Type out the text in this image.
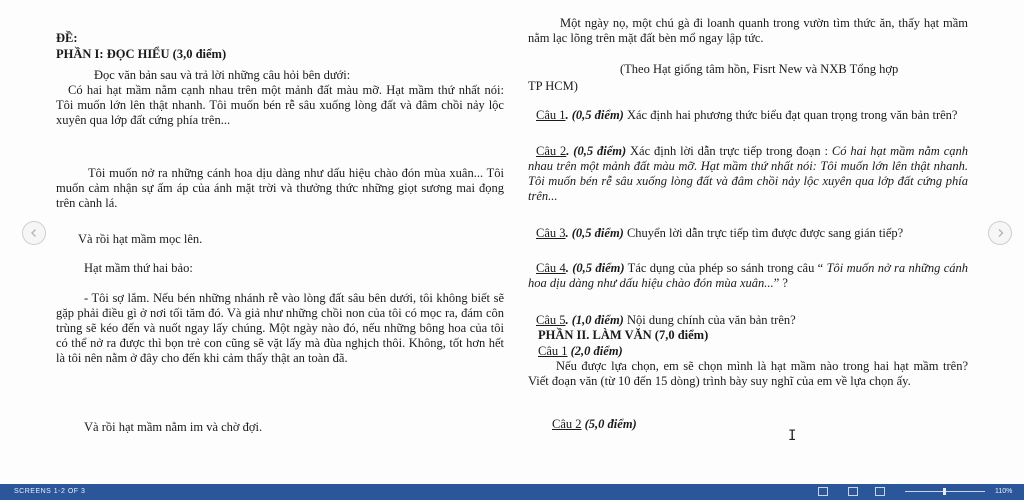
ĐỀ:

PHẦN I: ĐỌC HIỂU (3,0 điểm)

Đọc văn bản sau và trả lời những câu hỏi bên dưới:

Có hai hạt mầm nằm cạnh nhau trên một mảnh đất màu mỡ. Hạt mầm thứ nhất nói: Tôi muốn lớn lên thật nhanh. Tôi muốn bén rễ sâu xuống lòng đất và đâm chồi nảy lộc xuyên qua lớp đất cứng phía trên...

Tôi muốn nở ra những cánh hoa dịu dàng như dấu hiệu chào đón mùa xuân... Tôi muốn cảm nhận sự ấm áp của ánh mặt trời và thưởng thức những giọt sương mai đọng trên cành lá.

Và rồi hạt mầm mọc lên.

Hạt mầm thứ hai bảo:

- Tôi sợ lắm. Nếu bén những nhánh rễ vào lòng đất sâu bên dưới, tôi không biết sẽ gặp phải điều gì ở nơi tối tăm đó. Và giả như những chồi non của tôi có mọc ra, đám côn trùng sẽ kéo đến và nuốt ngay lấy chúng. Một ngày nào đó, nếu những bông hoa của tôi có thể nở ra được thì bọn trẻ con cũng sẽ vặt lấy mà đùa nghịch thôi. Không, tốt hơn hết là tôi nên nằm ở đây cho đến khi cảm thấy thật an toàn đã.

Và rồi hạt mầm nằm im và chờ đợi.

Một ngày nọ, một chú gà đi loanh quanh trong vườn tìm thức ăn, thấy hạt mầm nằm lạc lõng trên mặt đất bèn mổ ngay lập tức.

(Theo Hạt giống tâm hồn, Fisrt New và NXB Tổng hợp

TP HCM)

Câu 1. (0,5 điểm) Xác định hai phương thức biểu đạt quan trọng trong văn bản trên?

Câu 2. (0,5 điểm) Xác định lời dẫn trực tiếp trong đoạn : Có hai hạt mầm nằm cạnh nhau trên một mảnh đất màu mỡ. Hạt mầm thứ nhất nói: Tôi muốn lớn lên thật nhanh. Tôi muốn bén rễ sâu xuống lòng đất và đâm chồi nảy lộc xuyên qua lớp đất cứng phía trên...

Câu 3. (0,5 điểm) Chuyển lời dẫn trực tiếp tìm được được sang gián tiếp?

Câu 4. (0,5 điểm) Tác dụng của phép so sánh trong câu “ Tôi muốn nở ra những cánh hoa dịu dàng như dấu hiệu chào đón mùa xuân...” ?

Câu 5. (1,0 điểm) Nội dung chính của văn bản trên?

PHẦN II. LÀM VĂN (7,0 điểm)

Câu 1 (2,0 điểm)

Nếu được lựa chọn, em sẽ chọn mình là hạt mầm nào trong hai hạt mầm trên? Viết đoạn văn (từ 10 đến 15 dòng) trình bày suy nghĩ của em về lựa chọn ấy.

Câu 2 (5,0 điểm)

I
SCREENS 1-2 OF 3	110%
